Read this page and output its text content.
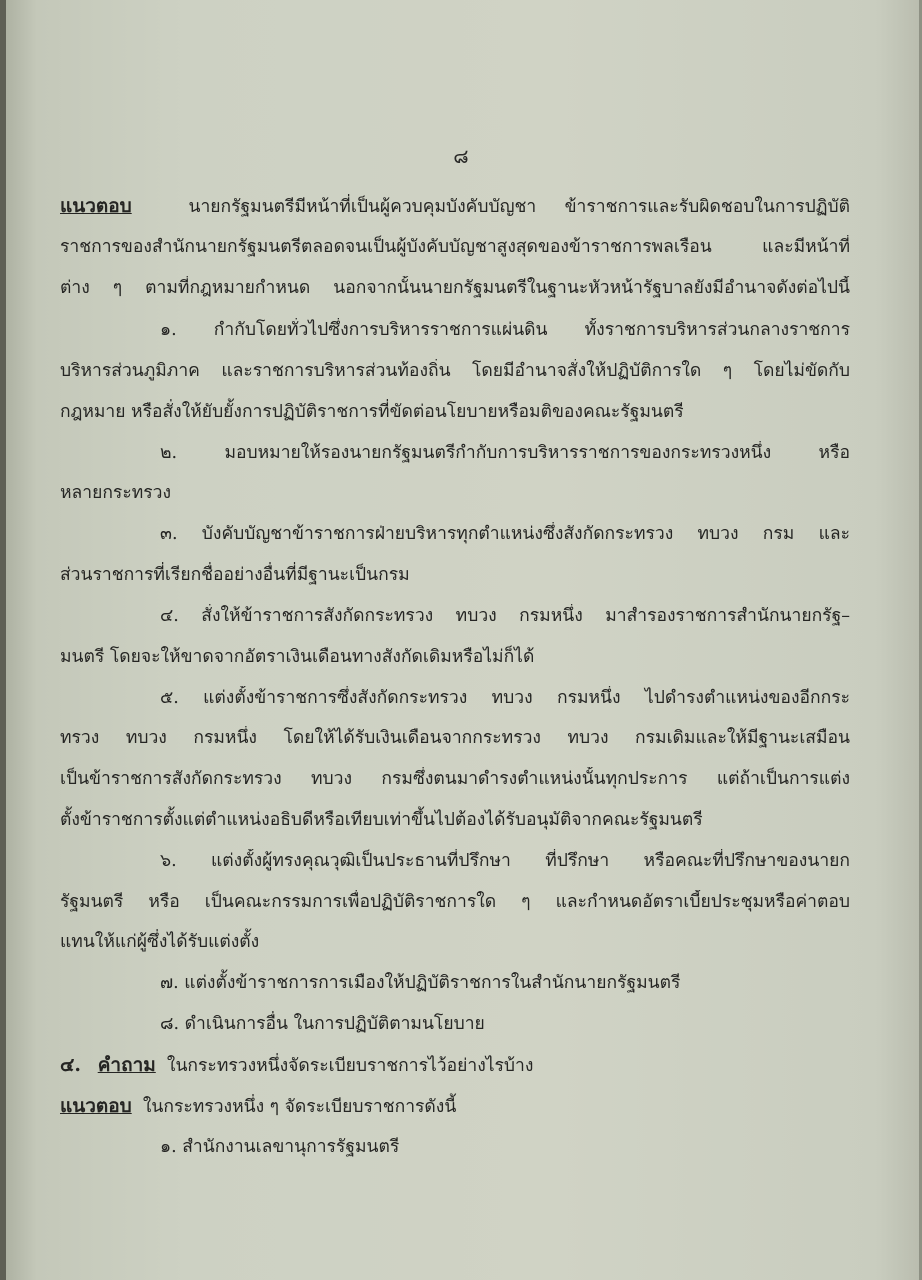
๘
แนวตอบ	นายกรัฐมนตรีมีหน้าที่เป็นผู้ควบคุมบังคับบัญชา ข้าราชการและรับผิดชอบในการปฏิบัติ
ราชการของสำนักนายกรัฐมนตรีตลอดจนเป็นผู้บังคับบัญชาสูงสุดของข้าราชการพลเรือน และมีหน้าที่
ต่าง ๆ ตามที่กฎหมายกำหนด นอกจากนั้นนายกรัฐมนตรีในฐานะหัวหน้ารัฐบาลยังมีอำนาจดังต่อไปนี้
๑. กำกับโดยทั่วไปซึ่งการบริหารราชการแผ่นดิน ทั้งราชการบริหารส่วนกลางราชการ
บริหารส่วนภูมิภาค และราชการบริหารส่วนท้องถิ่น โดยมีอำนาจสั่งให้ปฏิบัติการใด ๆ โดยไม่ขัดกับ
กฎหมาย หรือสั่งให้ยับยั้งการปฏิบัติราชการที่ขัดต่อนโยบายหรือมติของคณะรัฐมนตรี
๒. มอบหมายให้รองนายกรัฐมนตรีกำกับการบริหารราชการของกระทรวงหนึ่ง หรือ
หลายกระทรวง
๓. บังคับบัญชาข้าราชการฝ่ายบริหารทุกตำแหน่งซึ่งสังกัดกระทรวง ทบวง กรม และ
ส่วนราชการที่เรียกชื่ออย่างอื่นที่มีฐานะเป็นกรม
๔. สั่งให้ข้าราชการสังกัดกระทรวง ทบวง กรมหนึ่ง มาสำรองราชการสำนักนายกรัฐ–
มนตรี โดยจะให้ขาดจากอัตราเงินเดือนทางสังกัดเดิมหรือไม่ก็ได้
๕. แต่งตั้งข้าราชการซึ่งสังกัดกระทรวง ทบวง กรมหนึ่ง ไปดำรงตำแหน่งของอีกกระ
ทรวง ทบวง กรมหนึ่ง โดยให้ได้รับเงินเดือนจากกระทรวง ทบวง กรมเดิมและให้มีฐานะเสมือน
เป็นข้าราชการสังกัดกระทรวง ทบวง กรมซึ่งตนมาดำรงตำแหน่งนั้นทุกประการ แต่ถ้าเป็นการแต่ง
ตั้งข้าราชการตั้งแต่ตำแหน่งอธิบดีหรือเทียบเท่าขึ้นไปต้องได้รับอนุมัติจากคณะรัฐมนตรี
๖. แต่งตั้งผู้ทรงคุณวุฒิเป็นประธานที่ปรึกษา ที่ปรึกษา หรือคณะที่ปรึกษาของนายก
รัฐมนตรี หรือ เป็นคณะกรรมการเพื่อปฏิบัติราชการใด ๆ และกำหนดอัตราเบี้ยประชุมหรือค่าตอบ
แทนให้แก่ผู้ซึ่งได้รับแต่งตั้ง
๗. แต่งตั้งข้าราชการการเมืองให้ปฏิบัติราชการในสำนักนายกรัฐมนตรี
๘. ดำเนินการอื่น ในการปฏิบัติตามนโยบาย
๔. คำถาม ในกระทรวงหนึ่งจัดระเบียบราชการไว้อย่างไรบ้าง
แนวตอบ ในกระทรวงหนึ่ง ๆ จัดระเบียบราชการดังนี้
๑. สำนักงานเลขานุการรัฐมนตรี
